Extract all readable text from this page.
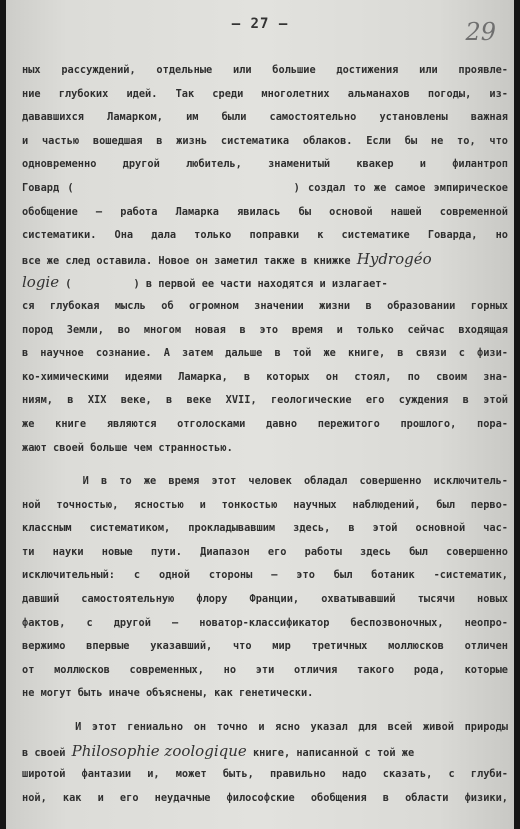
— 27 —	29
ных рассуждений, отдельные или большие достижения или проявле-
ние глубоких идей. Так среди многолетних альманахов погоды, из-
дававшихся Ламарком, им были самостоятельно установлены важная
и частью вошедшая в жизнь систематика облаков. Если бы не то, что
одновременно другой любитель, знаменитый квакер и филантроп
Говард (                           ) создал то же самое эмпирическое
обобщение — работа Ламарка явилась бы основой нашей современной
систематики. Она дала только поправки к систематике Говарда, но
все же след оставила. Новое он заметил также в книжке Hydrogéo
logie (          ) в первой ее части находятся и излагает-
ся глубокая мысль об огромном значении жизни в образовании горных
пород Земли, во многом новая в это время и только сейчас входящая
в научное сознание. А затем дальше в той же книге, в связи с физи-
ко-химическими идеями Ламарка, в которых он стоял, по своим зна-
ниям, в XIX веке, в веке XVII, геологические его суждения в этой
же книге являются отголосками давно пережитого прошлого, пора-
жают своей больше чем странностью.
И в то же время этот человек обладал совершенно исключитель-
ной точностью, ясностью и тонкостью научных наблюдений, был перво-
классным систематиком, прокладывавшим здесь, в этой основной час-
ти науки новые пути. Диапазон его работы здесь был совершенно
исключительный: с одной стороны — это был ботаник -систематик,
давший самостоятельную флору Франции, охватывавший тысячи новых
фактов, с другой — новатор-классификатор беспозвоночных, неопро-
вержимо впервые указавший, что мир третичных моллюсков отличен
от моллюсков современных, но эти отличия такого рода, которые
не могут быть иначе объяснены, как генетически.
И этот гениально он точно и ясно указал для всей живой природы
в своей Philosophie zoologique книге, написанной с той же
широтой фантазии и, может быть, правильно надо сказать, с глуби-
ной, как и его неудачные философские обобщения в области физики,
